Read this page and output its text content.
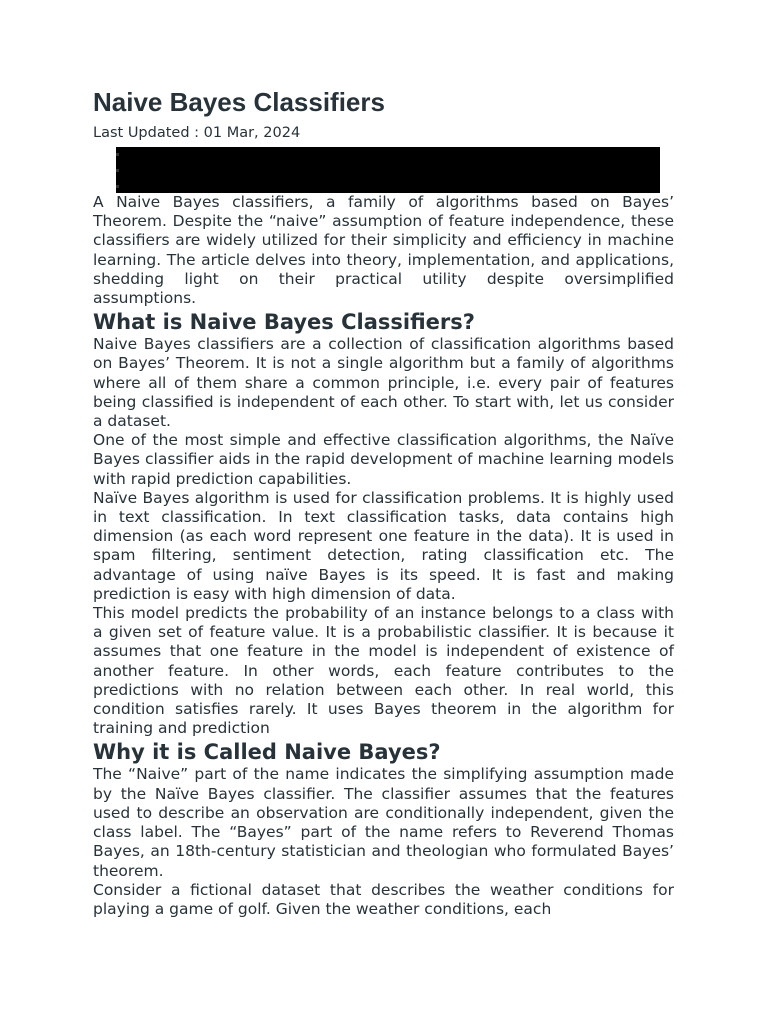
Naive Bayes Classifiers
Last Updated : 01 Mar, 2024

A Naive Bayes classifiers, a family of algorithms based on Bayes’ Theorem. Despite the “naive” assumption of feature independence, these classifiers are widely utilized for their simplicity and efficiency in machine learning. The article delves into theory, implementation, and applications, shedding light on their practical utility despite oversimplified assumptions.

What is Naive Bayes Classifiers?

Naive Bayes classifiers are a collection of classification algorithms based on Bayes’ Theorem. It is not a single algorithm but a family of algorithms where all of them share a common principle, i.e. every pair of features being classified is independent of each other. To start with, let us consider a dataset.

One of the most simple and effective classification algorithms, the Naïve Bayes classifier aids in the rapid development of machine learning models with rapid prediction capabilities.

Naïve Bayes algorithm is used for classification problems. It is highly used in text classification. In text classification tasks, data contains high dimension (as each word represent one feature in the data). It is used in spam filtering, sentiment detection, rating classification etc. The advantage of using naïve Bayes is its speed. It is fast and making prediction is easy with high dimension of data.

This model predicts the probability of an instance belongs to a class with a given set of feature value. It is a probabilistic classifier. It is because it assumes that one feature in the model is independent of existence of another feature. In other words, each feature contributes to the predictions with no relation between each other. In real world, this condition satisfies rarely. It uses Bayes theorem in the algorithm for training and prediction

Why it is Called Naive Bayes?

The “Naive” part of the name indicates the simplifying assumption made by the Naïve Bayes classifier. The classifier assumes that the features used to describe an observation are conditionally independent, given the class label. The “Bayes” part of the name refers to Reverend Thomas Bayes, an 18th-century statistician and theologian who formulated Bayes’ theorem.

Consider a fictional dataset that describes the weather conditions for playing a game of golf. Given the weather conditions, each
